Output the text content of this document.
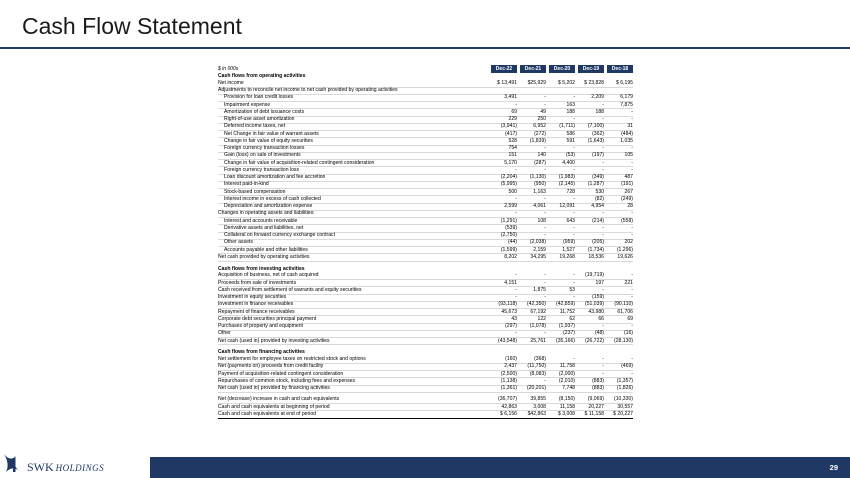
Cash Flow Statement
$ in 000s	Dec-22	Dec-21	Dec-20	Dec-19	Dec-18
Cash flows from operating activities
Net income	$ 13,491	$25,929	$ 5,202	$ 23,828	$ 6,195
Adjustments to reconcile net income to net cash provided by operating activities
Provision for loan credit losses	3,491	-	-	2,209	6,179
Impairment expense	-	-	163	-	7,875
Amortization of debt issuance costs	69	49	188	188	-
Right-of-use asset amortization	229	250	-	-	-
Deferred income taxes, net	(3,941)	6,952	(1,711)	(7,100)	31
Net Change in fair value of warrant assets	(417)	(272)	586	(362)	(484)
Change in fair value of equity securities	528	(1,839)	591	(1,643)	1,035
Foreign currency transaction losses	754	-	-	-	-
Gain (loss) on sale of investments	151	140	(53)	(197)	105
Change in fair value of acquisition-related contingent consideration	5,170	(287)	4,400	-	-
Foreign currency transaction loss	-	-	-	-	-
Loan discount amortization and fee accretion	(2,204)	(1,130)	(1,983)	(349)	487
Interest paid-in-kind	(5,995)	(950)	(2,145)	(1,287)	(191)
Stock-based compensation	500	1,163	728	530	267
Interest income in excess of cash collected	-	-	-	(82)	(249)
Depreciation and amortization expense	2,599	4,061	12,091	4,954	28
Changes in operating assets and liabilities:	-	-	-	-	-
Interest and accounts receivable	(1,291)	108	643	(214)	(558)
Derivative assets and liabilities, net	(539)	-	-	-	-
Collateral on forward currency exchange contract	(2,750)	-	-	-	-
Other assets	(44)	(2,038)	(959)	(205)	202
Accounts payable and other liabilities	(1,599)	2,159	1,527	(1,734)	(1,296)
Net cash provided by operating activities	8,202	34,295	19,268	18,536	19,626
Cash flows from investing activities
Acquisition of business, net of cash acquired	-	-	-	(19,719)	-
Proceeds from sale of investments	4,151	-	-	197	221
Cash received from settlement of warrants and equity securities	-	1,875	53	-	-
Investment in equity securities	-	-	-	(159)	-
Investment in finance receivables	(93,118)	(42,350)	(42,859)	(51,039)	(90,110)
Repayment of finance receivables	45,673	67,192	11,752	43,980	61,706
Corporate debt securities principal payment	43	122	62	66	69
Purchases of property and equipment	(297)	(1,078)	(1,937)	-	-
Other	-	-	(237)	(48)	(16)
Net cash (used in) provided by investing activities	(43,548)	25,761	(35,166)	(26,722)	(28,130)
Cash flows from financing activities
Net settlement for employee taxes on restricted stock and options	(160)	(368)	-	-	-
Net (payments on) proceeds from credit facility	2,437	(11,750)	11,758	-	(469)
Payment of acquisition-related contingent consideration	(2,500)	(8,083)	(2,000)	-	-
Repurchases of common stock, including fees and expenses	(1,138)	-	(2,010)	(883)	(1,357)
Net cash (used in) provided by financing activities	(1,361)	(20,201)	7,748	(883)	(1,826)
Net (decrease) increase in cash and cash equivalents	(36,707)	39,855	(8,150)	(9,069)	(10,330)
Cash and cash equivalents at beginning of period	42,863	3,008	11,158	20,227	30,557
Cash and cash equivalents at end of period	$ 6,156	$42,863	$ 3,008	$ 11,158	$ 20,227
SWK HOLDINGS	29
